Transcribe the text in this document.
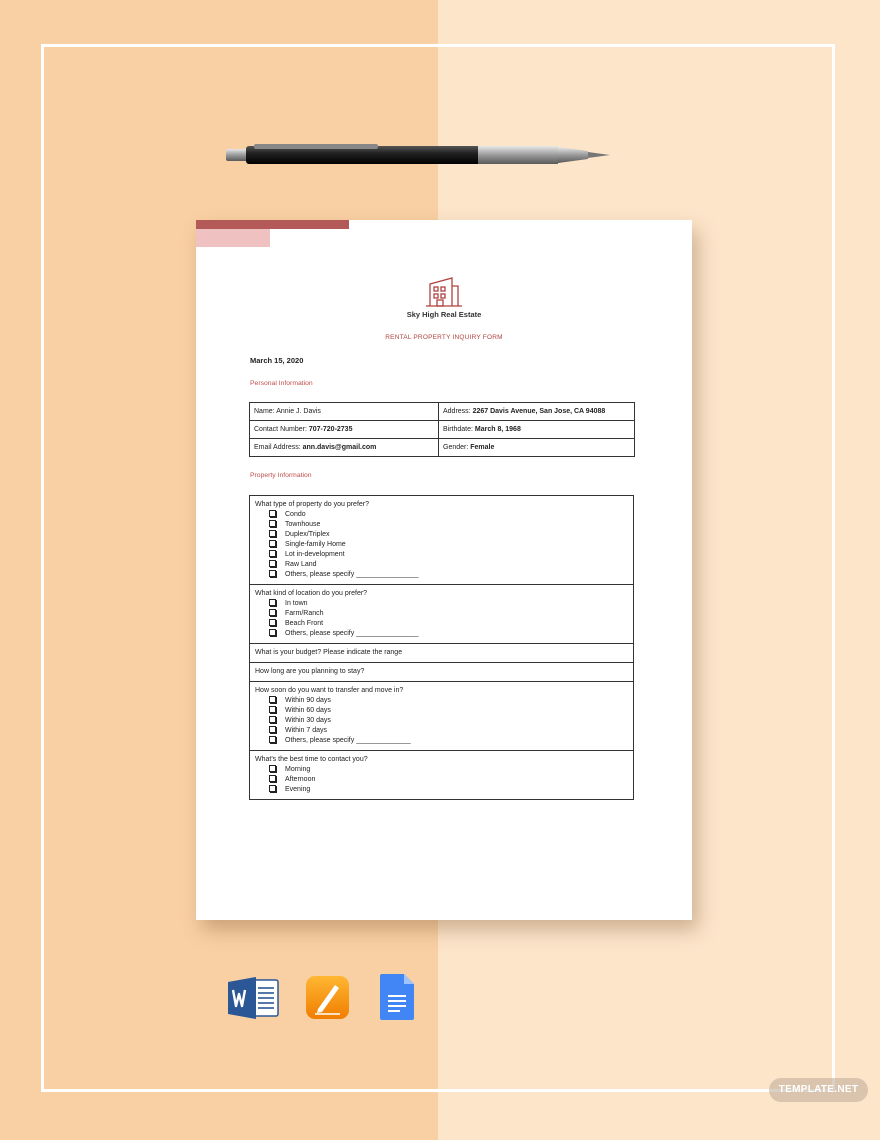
Sky High Real Estate
RENTAL PROPERTY INQUIRY FORM
March 15, 2020
Personal Information
Name: Annie J. Davis	Address: 2267 Davis Avenue, San Jose, CA 94088
Contact Number: 707-720-2735	Birthdate: March 8, 1968
Email Address: ann.davis@gmail.com	Gender: Female
Property Information
What type of property do you prefer?
Condo
Townhouse
Duplex/Triplex
Single-family Home
Lot in-development
Raw Land
Others, please specify ________________
What kind of location do you prefer?
In town
Farm/Ranch
Beach Front
Others, please specify ________________
What is your budget? Please indicate the range
How long are you planning to stay?
How soon do you want to transfer and move in?
Within 90 days
Within 60 days
Within 30 days
Within 7 days
Others, please specify ______________
What's the best time to contact you?
Morning
Afternoon
Evening
TEMPLATE.NET
